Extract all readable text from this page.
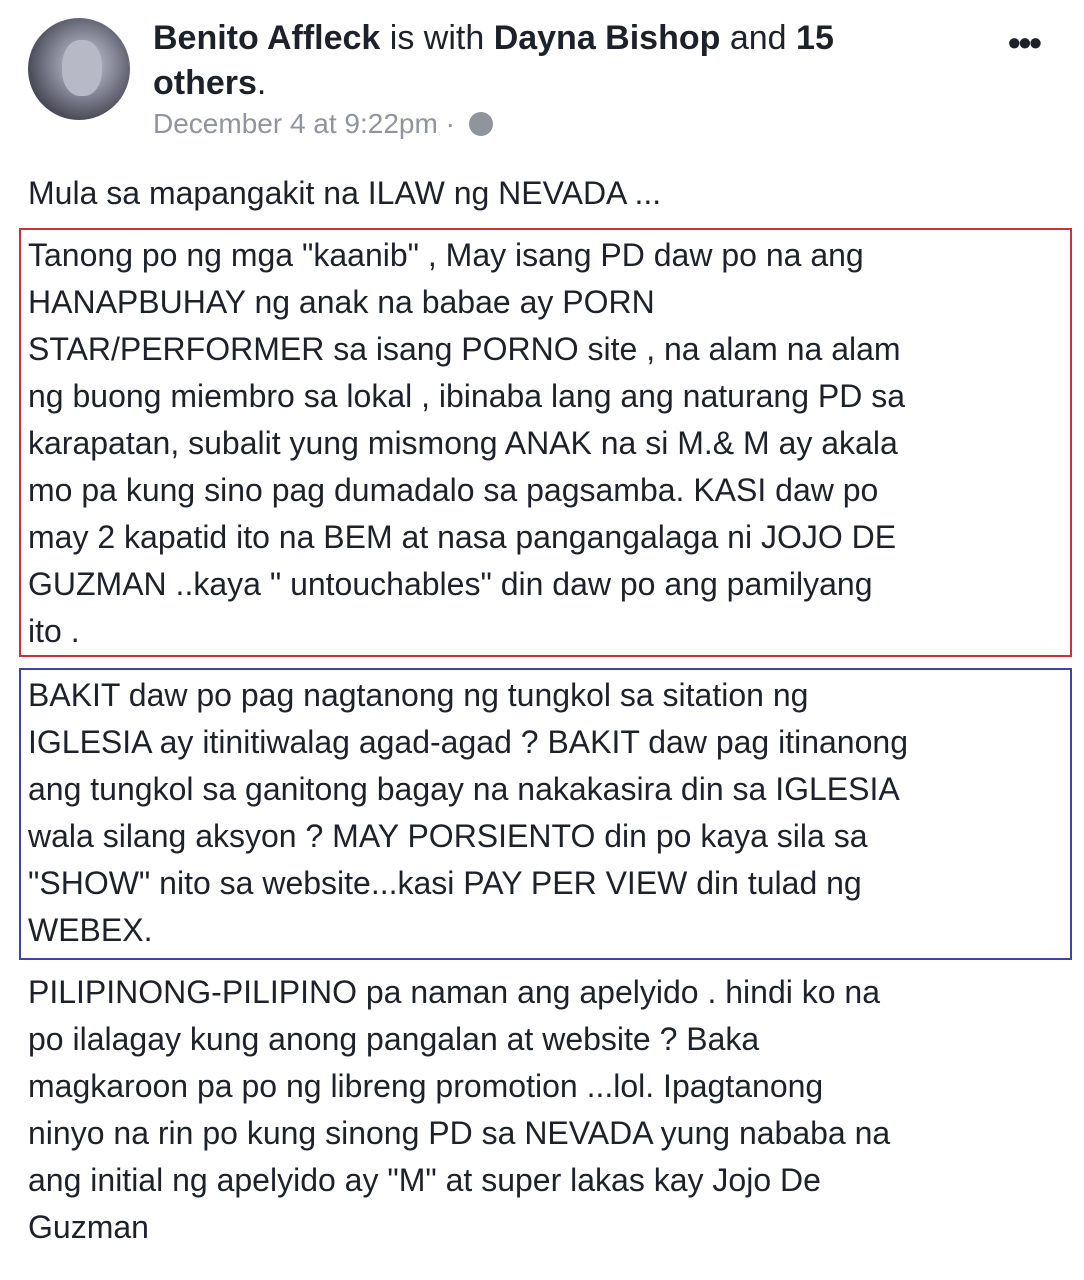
Benito Affleck is with Dayna Bishop and 15 others.
December 4 at 9:22pm ·
•••
Mula sa mapangakit na ILAW ng NEVADA ...
Tanong po ng mga "kaanib" , May isang PD daw po na ang
HANAPBUHAY ng anak na babae ay PORN
STAR/PERFORMER sa isang PORNO site , na alam na alam
ng buong miembro sa lokal , ibinaba lang ang naturang PD sa
karapatan, subalit yung mismong ANAK na si M.& M ay akala
mo pa kung sino pag dumadalo sa pagsamba. KASI daw po
may 2 kapatid ito na BEM at nasa pangangalaga ni JOJO DE
GUZMAN ..kaya " untouchables" din daw po ang pamilyang
ito .
BAKIT daw po pag nagtanong ng tungkol sa sitation ng
IGLESIA ay itinitiwalag agad-agad ? BAKIT daw pag itinanong
ang tungkol sa ganitong bagay na nakakasira din sa IGLESIA
wala silang aksyon ? MAY PORSIENTO din po kaya sila sa
"SHOW" nito sa website...kasi PAY PER VIEW din tulad ng
WEBEX.
PILIPINONG-PILIPINO pa naman ang apelyido . hindi ko na
po ilalagay kung anong pangalan at website ? Baka
magkaroon pa po ng libreng promotion ...lol. Ipagtanong
ninyo na rin po kung sinong PD sa NEVADA yung nababa na
ang initial ng apelyido ay "M" at super lakas kay Jojo De
Guzman
